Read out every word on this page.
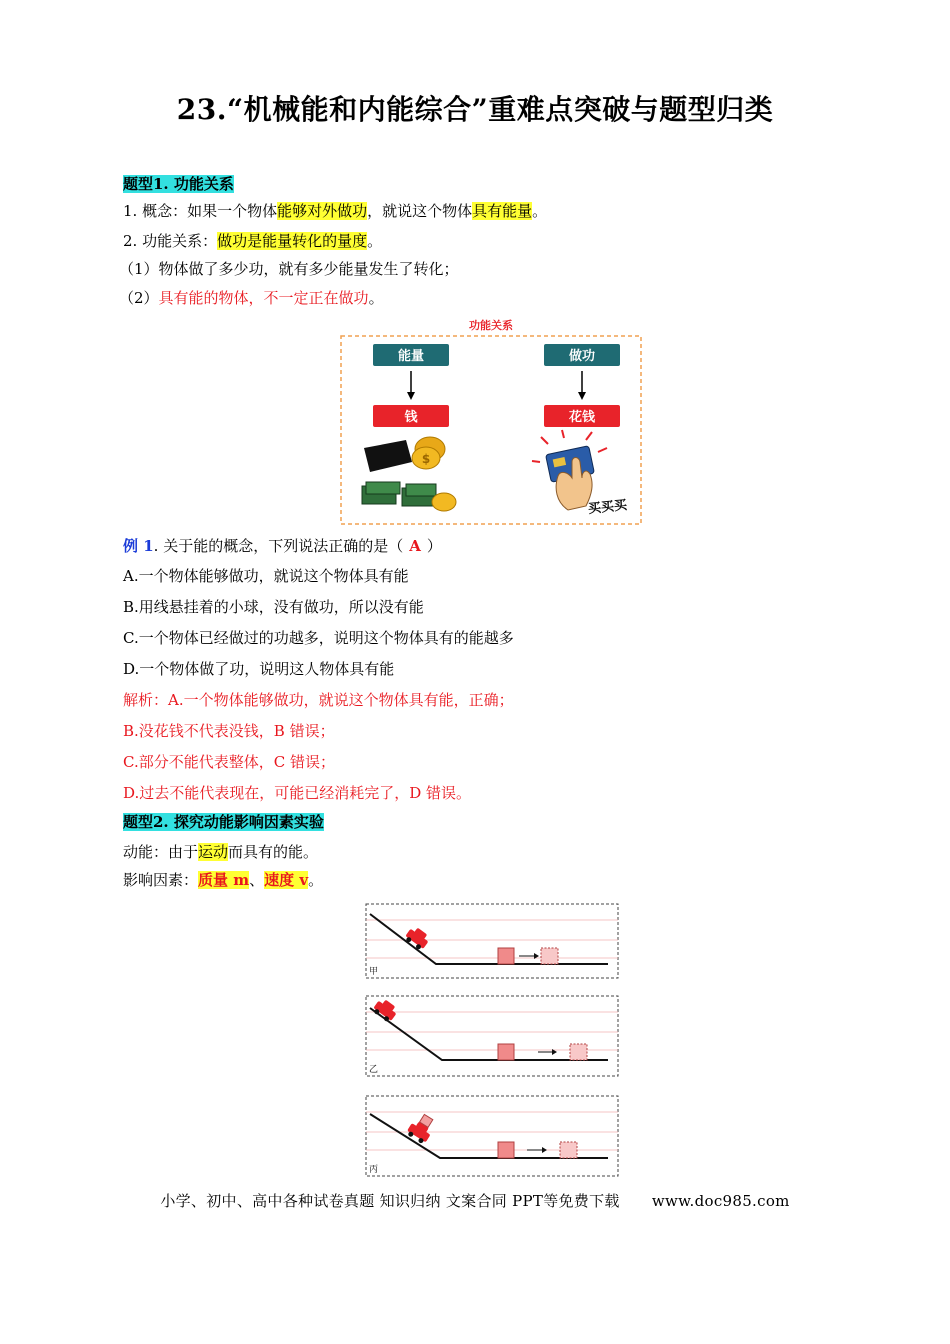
23.“机械能和内能综合”重难点突破与题型归类
题型1. 功能关系
1. 概念：如果一个物体能够对外做功，就说这个物体具有能量。
2. 功能关系：做功是能量转化的量度。
（1）物体做了多少功，就有多少能量发生了转化；
（2）具有能的物体，不一定正在做功。
功能关系
能量
钱
$
做功
花钱
买买买
例 1. 关于能的概念，下列说法正确的是（ A ）
A.一个物体能够做功，就说这个物体具有能
B.用线悬挂着的小球，没有做功，所以没有能
C.一个物体已经做过的功越多，说明这个物体具有的能越多
D.一个物体做了功，说明这人物体具有能
解析：A.一个物体能够做功，就说这个物体具有能，正确；
B.没花钱不代表没钱，B 错误；
C.部分不能代表整体，C 错误；
D.过去不能代表现在，可能已经消耗完了，D 错误。
题型2. 探究动能影响因素实验
动能：由于运动而具有的能。
影响因素：质量 m、速度 v。
甲
乙
丙
小学、初中、高中各种试卷真题 知识归纳 文案合同 PPT等免费下载 www.doc985.com
